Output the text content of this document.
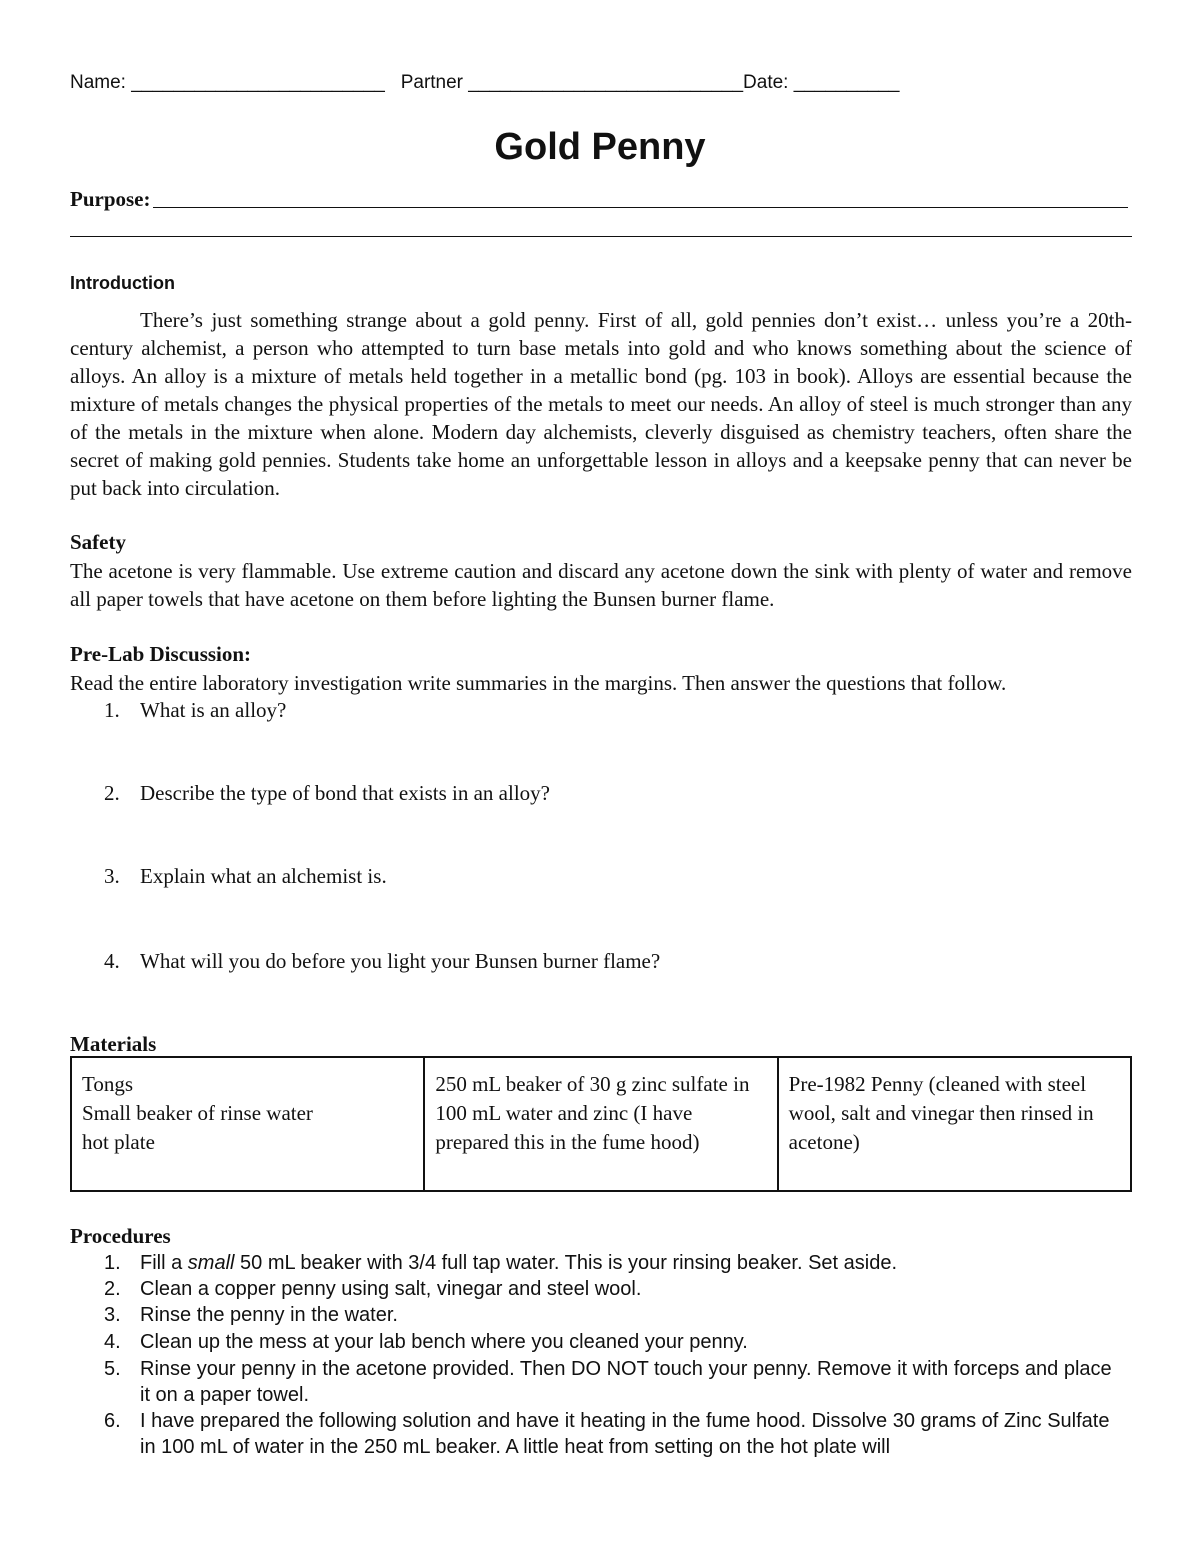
Name: ________________________ Partner __________________________Date: __________
Gold Penny
Purpose:
Introduction
There’s just something strange about a gold penny. First of all, gold pennies don’t exist… unless you’re a 20th-century alchemist, a person who attempted to turn base metals into gold and who knows something about the science of alloys. An alloy is a mixture of metals held together in a metallic bond (pg. 103 in book). Alloys are essential because the mixture of metals changes the physical properties of the metals to meet our needs. An alloy of steel is much stronger than any of the metals in the mixture when alone. Modern day alchemists, cleverly disguised as chemistry teachers, often share the secret of making gold pennies. Students take home an unforgettable lesson in alloys and a keepsake penny that can never be put back into circulation.
Safety
The acetone is very flammable. Use extreme caution and discard any acetone down the sink with plenty of water and remove all paper towels that have acetone on them before lighting the Bunsen burner flame.
Pre-Lab Discussion:
Read the entire laboratory investigation write summaries in the margins. Then answer the questions that follow.
1. What is an alloy?
2. Describe the type of bond that exists in an alloy?
3. Explain what an alchemist is.
4. What will you do before you light your Bunsen burner flame?
Materials
Tongs
Small beaker of rinse water
hot plate
	250 mL beaker of 30 g zinc sulfate in 100 mL water and zinc (I have prepared this in the fume hood)	Pre-1982 Penny (cleaned with steel wool, salt and vinegar then rinsed in acetone)
Procedures
1. Fill a small 50 mL beaker with 3/4 full tap water. This is your rinsing beaker. Set aside.
2. Clean a copper penny using salt, vinegar and steel wool.
3. Rinse the penny in the water.
4. Clean up the mess at your lab bench where you cleaned your penny.
5. Rinse your penny in the acetone provided. Then DO NOT touch your penny. Remove it with forceps and place it on a paper towel.
6. I have prepared the following solution and have it heating in the fume hood. Dissolve 30 grams of Zinc Sulfate in 100 mL of water in the 250 mL beaker. A little heat from setting on the hot plate will
